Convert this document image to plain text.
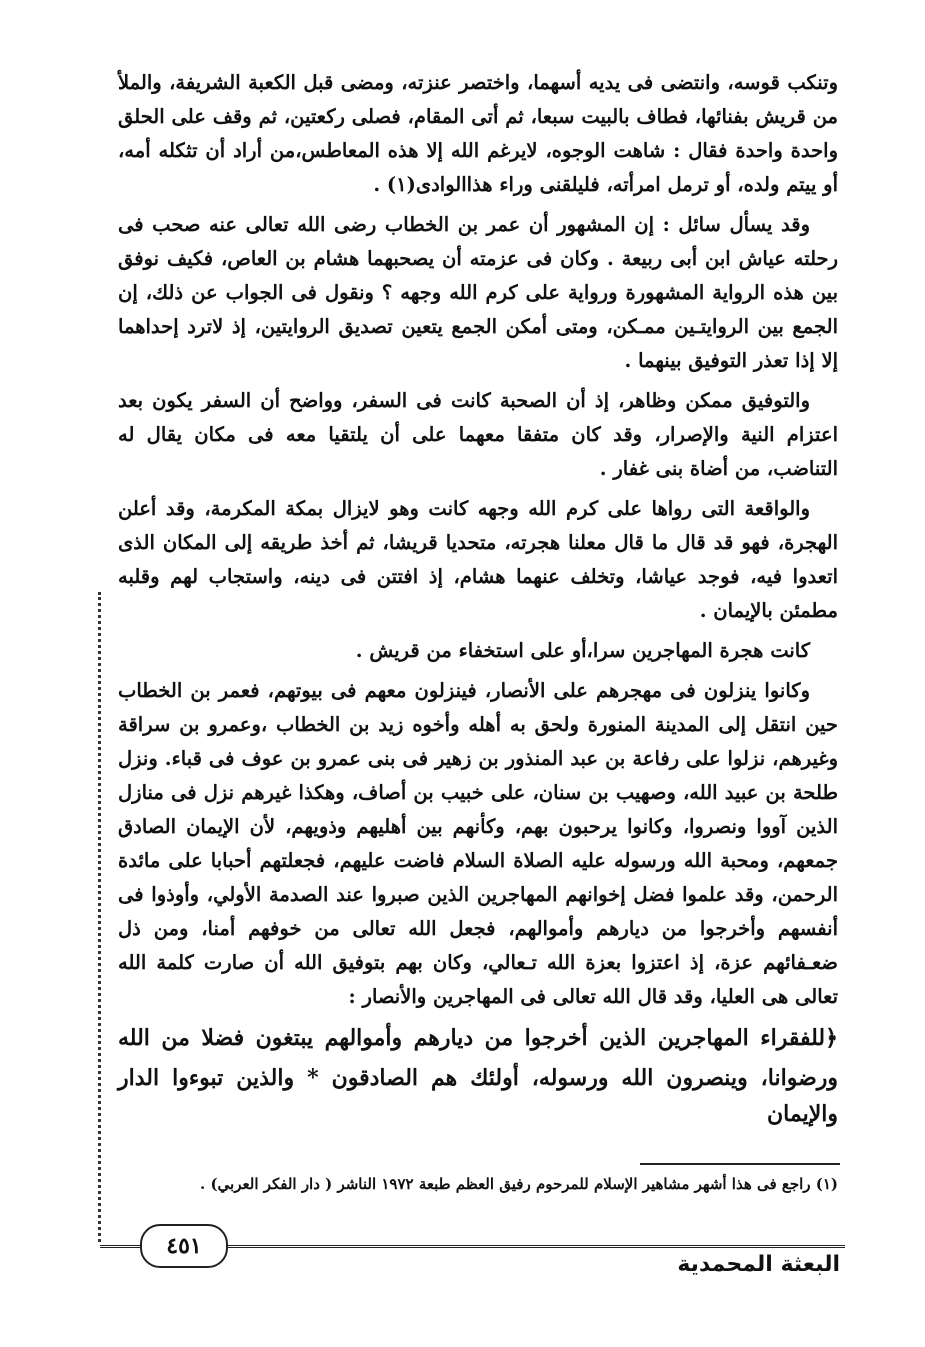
وتنكب قوسه، وانتضى فى يديه أسهما، واختصر عنزته، ومضى قبل الكعبة الشريفة، والملأ من قريش بفنائها، فطاف بالبيت سبعا، ثم أتى المقام، فصلى ركعتين، ثم وقف على الحلق واحدة واحدة فقال : شاهت الوجوه، لايرغم الله إلا هذه المعاطس،من أراد أن تثكله أمه، أو ييتم ولده، أو ترمل امرأته، فليلقنى وراء هذاالوادى(١) .

وقد يسأل سائل : إن المشهور أن عمر بن الخطاب رضى الله تعالى عنه صحب فى رحلته عياش ابن أبى ربيعة . وكان فى عزمته أن يصحبهما هشام بن العاص، فكيف نوفق بين هذه الرواية المشهورة ورواية على كرم الله وجهه ؟ ونقول فى الجواب عن ذلك، إن الجمع بين الروايتـين ممـكن، ومتى أمكن الجمع يتعين تصديق الروايتين، إذ لاترد إحداهما إلا إذا تعذر التوفيق بينهما .

والتوفيق ممكن وظاهر، إذ أن الصحبة كانت فى السفر، وواضح أن السفر يكون بعد اعتزام النية والإصرار، وقد كان متفقا معهما على أن يلتقيا معه فى مكان يقال له التناضب، من أضاة بنى غفار .

والواقعة التى رواها على كرم الله وجهه كانت وهو لايزال بمكة المكرمة، وقد أعلن الهجرة، فهو قد قال ما قال معلنا هجرته، متحديا قريشا، ثم أخذ طريقه إلى المكان الذى اتعدوا فيه، فوجد عياشا، وتخلف عنهما هشام، إذ افتتن فى دينه، واستجاب لهم وقلبه مطمئن بالإيمان .

كانت هجرة المهاجرين سرا،أو على استخفاء من قريش .

وكانوا ينزلون فى مهجرهم على الأنصار، فينزلون معهم فى بيوتهم، فعمر بن الخطاب حين انتقل إلى المدينة المنورة ولحق به أهله وأخوه زيد بن الخطاب ،وعمرو بن سراقة وغيرهم، نزلوا على رفاعة بن عبد المنذور بن زهير فى بنى عمرو بن عوف فى قباء. ونزل طلحة بن عبيد الله، وصهيب بن سنان، على خبيب بن أصاف، وهكذا غيرهم نزل فى منازل الذين آووا ونصروا، وكانوا يرحبون بهم، وكأنهم بين أهليهم وذويهم، لأن الإيمان الصادق جمعهم، ومحبة الله ورسوله عليه الصلاة السلام فاضت عليهم، فجعلتهم أحبابا على مائدة الرحمن، وقد علموا فضل إخوانهم المهاجرين الذين صبروا عند الصدمة الأولي، وأوذوا فى أنفسهم وأخرجوا من ديارهم وأموالهم، فجعل الله تعالى من خوفهم أمنا، ومن ذل ضعـفائهم عزة، إذ اعتزوا بعزة الله تـعالي، وكان بهم بتوفيق الله أن صارت كلمة الله تعالى هى العليا، وقد قال الله تعالى فى المهاجرين والأنصار :

﴿للفقراء المهاجرين الذين أخرجوا من ديارهم وأموالهم يبتغون فضلا من الله
ورضوانا، وينصرون الله ورسوله، أولئك هم الصادقون * والذين تبوءوا الدار والإيمان
(١) راجع فى هذا أشهر مشاهير الإسلام للمرحوم رفيق العظم طبعة ١٩٧٢ الناشر ( دار الفكر العربي) .
٤٥١
البعثة المحمدية
